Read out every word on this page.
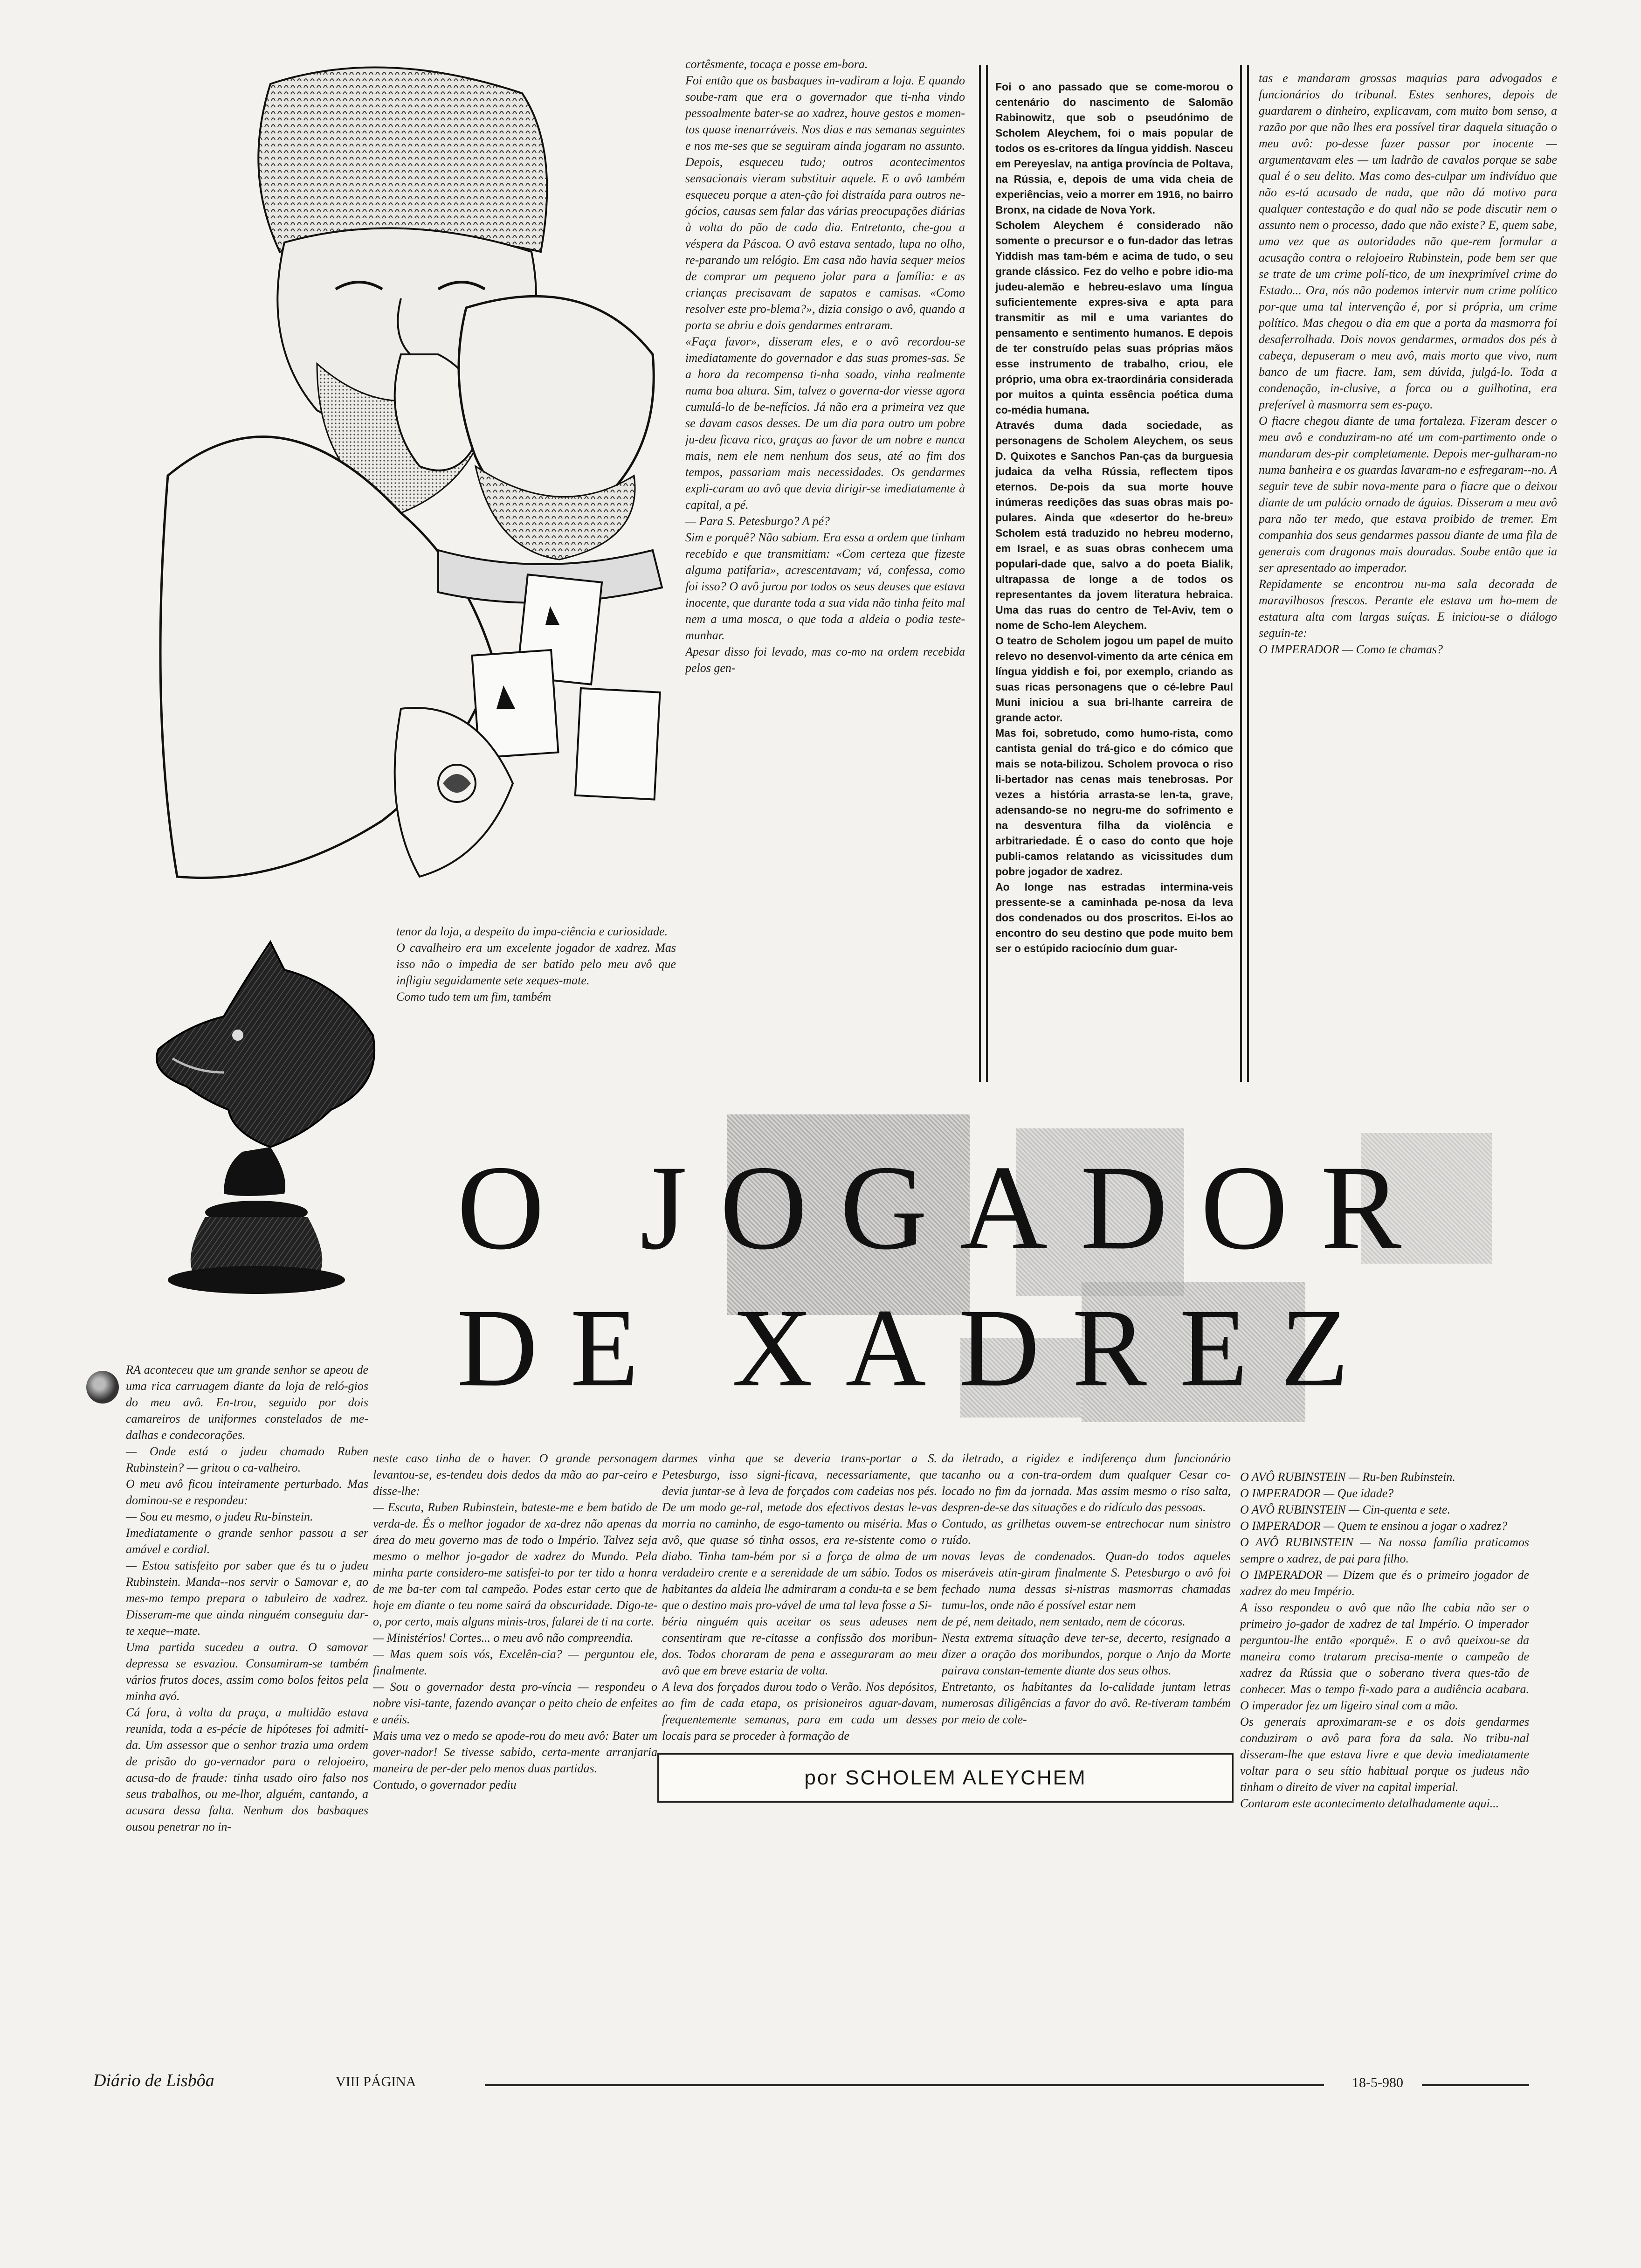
cortêsmente, tocaça e posse em-bora.
Foi então que os basbaques in-vadiram a loja. E quando soube-ram que era o governador que ti-nha vindo pessoalmente bater-se ao xadrez, houve gestos e momen-tos quase inenarráveis. Nos dias e nas semanas seguintes e nos me-ses que se seguiram ainda jogaram no assunto. Depois, esqueceu tudo; outros acontecimentos sensacionais vieram substituir aquele. E o avô também esqueceu porque a aten-ção foi distraída para outros ne-gócios, causas sem falar das várias preocupações diárias à volta do pão de cada dia. Entretanto, che-gou a véspera da Páscoa. O avô estava sentado, lupa no olho, re-parando um relógio. Em casa não havia sequer meios de comprar um pequeno jolar para a família: e as crianças precisavam de sapatos e camisas. «Como resolver este pro-blema?», dizia consigo o avô, quando a porta se abriu e dois gendarmes entraram.
«Faça favor», disseram eles, e o avô recordou-se imediatamente do governador e das suas promes-sas. Se a hora da recompensa ti-nha soado, vinha realmente numa boa altura. Sim, talvez o governa-dor viesse agora cumulá-lo de be-nefícios. Já não era a primeira vez que se davam casos desses. De um dia para outro um pobre ju-deu ficava rico, graças ao favor de um nobre e nunca mais, nem ele nem nenhum dos seus, até ao fim dos tempos, passariam mais necessidades. Os gendarmes expli-caram ao avô que devia dirigir-se imediatamente à capital, a pé.
— Para S. Petesburgo? A pé?
Sim e porquê? Não sabiam. Era essa a ordem que tinham recebido e que transmitiam: «Com certeza que fizeste alguma patifaria», acrescentavam; vá, confessa, como foi isso? O avô jurou por todos os seus deuses que estava inocente, que durante toda a sua vida não tinha feito mal nem a uma mosca, o que toda a aldeia o podia teste-munhar.
Apesar disso foi levado, mas co-mo na ordem recebida pelos gen-
tenor da loja, a despeito da impa-ciência e curiosidade.
O cavalheiro era um excelente jogador de xadrez. Mas isso não o impedia de ser batido pelo meu avô que infligiu seguidamente sete xeques-mate.
Como tudo tem um fim, também
Foi o ano passado que se come-morou o centenário do nascimento de Salomão Rabinowitz, que sob o pseudónimo de Scholem Aleychem, foi o mais popular de todos os es-critores da língua yiddish. Nasceu em Pereyeslav, na antiga província de Poltava, na Rússia, e, depois de uma vida cheia de experiências, veio a morrer em 1916, no bairro Bronx, na cidade de Nova York.
Scholem Aleychem é considerado não somente o precursor e o fun-dador das letras Yiddish mas tam-bém e acima de tudo, o seu grande clássico. Fez do velho e pobre idio-ma judeu-alemão e hebreu-eslavo uma língua suficientemente expres-siva e apta para transmitir as mil e uma variantes do pensamento e sentimento humanos. E depois de ter construído pelas suas próprias mãos esse instrumento de trabalho, criou, ele próprio, uma obra ex-traordinária considerada por muitos a quinta essência poética duma co-média humana.
Através duma dada sociedade, as personagens de Scholem Aleychem, os seus D. Quixotes e Sanchos Pan-ças da burguesia judaica da velha Rússia, reflectem tipos eternos. De-pois da sua morte houve inúmeras reedições das suas obras mais po-pulares. Ainda que «desertor do he-breu» Scholem está traduzido no hebreu moderno, em Israel, e as suas obras conhecem uma populari-dade que, salvo a do poeta Bialik, ultrapassa de longe a de todos os representantes da jovem literatura hebraica. Uma das ruas do centro de Tel-Aviv, tem o nome de Scho-lem Aleychem.
O teatro de Scholem jogou um papel de muito relevo no desenvol-vimento da arte cénica em língua yiddish e foi, por exemplo, criando as suas ricas personagens que o cé-lebre Paul Muni iniciou a sua bri-lhante carreira de grande actor.
Mas foi, sobretudo, como humo-rista, como cantista genial do trá-gico e do cómico que mais se nota-bilizou. Scholem provoca o riso li-bertador nas cenas mais tenebrosas. Por vezes a história arrasta-se len-ta, grave, adensando-se no negru-me do sofrimento e na desventura filha da violência e arbitrariedade. É o caso do conto que hoje publi-camos relatando as vicissitudes dum pobre jogador de xadrez.
Ao longe nas estradas intermina-veis pressente-se a caminhada pe-nosa da leva dos condenados ou dos proscritos. Ei-los ao encontro do seu destino que pode muito bem ser o estúpido raciocínio dum guar-
tas e mandaram grossas maquias para advogados e funcionários do tribunal. Estes senhores, depois de guardarem o dinheiro, explicavam, com muito bom senso, a razão por que não lhes era possível tirar daquela situação o meu avô: po-desse fazer passar por inocente — argumentavam eles — um ladrão de cavalos porque se sabe qual é o seu delito. Mas como des-culpar um indivíduo que não es-tá acusado de nada, que não dá motivo para qualquer contestação e do qual não se pode discutir nem o assunto nem o processo, dado que não existe? E, quem sabe, uma vez que as autoridades não que-rem formular a acusação contra o relojoeiro Rubinstein, pode bem ser que se trate de um crime polí-tico, de um inexprimível crime do Estado... Ora, nós não podemos intervir num crime político por-que uma tal intervenção é, por si própria, um crime político. Mas chegou o dia em que a porta da masmorra foi desaferrolhada. Dois novos gendarmes, armados dos pés à cabeça, depuseram o meu avô, mais morto que vivo, num banco de um fiacre. Iam, sem dúvida, julgá-lo. Toda a condenação, in-clusive, a forca ou a guilhotina, era preferível à masmorra sem es-paço.
O fiacre chegou diante de uma fortaleza. Fizeram descer o meu avô e conduziram-no até um com-partimento onde o mandaram des-pir completamente. Depois mer-gulharam-no numa banheira e os guardas lavaram-no e esfregaram--no. A seguir teve de subir nova-mente para o fiacre que o deixou diante de um palácio ornado de águias. Disseram a meu avô para não ter medo, que estava proibido de tremer. Em companhia dos seus gendarmes passou diante de uma fila de generais com dragonas mais douradas. Soube então que ia ser apresentado ao imperador.
Repidamente se encontrou nu-ma sala decorada de maravilhosos frescos. Perante ele estava um ho-mem de estatura alta com largas suíças. E iniciou-se o diálogo seguin-te:
O IMPERADOR — Como te chamas?
O JOGADOR
DE XADREZ
RA aconteceu que um grande senhor se apeou de uma rica carruagem diante da loja de reló-gios do meu avô. En-trou, seguido por dois camareiros de uniformes constelados de me-dalhas e condecorações.
— Onde está o judeu chamado Ruben Rubinstein? — gritou o ca-valheiro.
O meu avô ficou inteiramente perturbado. Mas dominou-se e respondeu:
— Sou eu mesmo, o judeu Ru-binstein.
Imediatamente o grande senhor passou a ser amável e cordial.
— Estou satisfeito por saber que és tu o judeu Rubinstein. Manda--nos servir o Samovar e, ao mes-mo tempo prepara o tabuleiro de xadrez. Disseram-me que ainda ninguém conseguiu dar-te xeque--mate.
Uma partida sucedeu a outra. O samovar depressa se esvaziou. Consumiram-se também vários frutos doces, assim como bolos feitos pela minha avó.
Cá fora, à volta da praça, a multidão estava reunida, toda a es-pécie de hipóteses foi admiti-da. Um assessor que o senhor trazia uma ordem de prisão do go-vernador para o relojoeiro, acusa-do de fraude: tinha usado oiro falso nos seus trabalhos, ou me-lhor, alguém, cantando, a acusara dessa falta. Nenhum dos basbaques ousou penetrar no in-
neste caso tinha de o haver. O grande personagem levantou-se, es-tendeu dois dedos da mão ao par-ceiro e disse-lhe:
— Escuta, Ruben Rubinstein, bateste-me e bem batido de verda-de. És o melhor jogador de xa-drez não apenas da área do meu governo mas de todo o Império. Talvez seja mesmo o melhor jo-gador de xadrez do Mundo. Pela minha parte considero-me satisfei-to por ter tido a honra de me ba-ter com tal campeão. Podes estar certo que de hoje em diante o teu nome sairá da obscuridade. Digo-te-o, por certo, mais alguns minis-tros, falarei de ti na corte.
— Ministérios! Cortes... o meu avô não compreendia.
— Mas quem sois vós, Excelên-cia? — perguntou ele, finalmente.
— Sou o governador desta pro-víncia — respondeu o nobre visi-tante, fazendo avançar o peito cheio de enfeites e anéis.
Mais uma vez o medo se apode-rou do meu avô: Bater um gover-nador! Se tivesse sabido, certa-mente arranjaria maneira de per-der pelo menos duas partidas.
Contudo, o governador pediu
darmes vinha que se deveria trans-portar a S. Petesburgo, isso signi-ficava, necessariamente, que devia juntar-se à leva de forçados com cadeias nos pés. De um modo ge-ral, metade dos efectivos destas le-vas morria no caminho, de esgo-tamento ou miséria. Mas o avô, que quase só tinha ossos, era re-sistente como o diabo. Tinha tam-bém por si a força de alma de um verdadeiro crente e a serenidade de um sábio. Todos os habitantes da aldeia lhe admiraram a condu-ta e se bem que o destino mais pro-vável de uma tal leva fosse a Si-
béria ninguém quis aceitar os seus adeuses nem consentiram que re-citasse a confissão dos moribun-dos. Todos choraram de pena e asseguraram ao meu avô que em breve estaria de volta.
A leva dos forçados durou todo o Verão. Nos depósitos, ao fim de cada etapa, os prisioneiros aguar-davam, frequentemente semanas, para em cada um desses locais para se proceder à formação de
da iletrado, a rigidez e indiferença dum funcionário tacanho ou a con-tra-ordem dum qualquer Cesar co-locado no fim da jornada. Mas assim mesmo o riso salta, despren-de-se das situações e do ridículo das pessoas.
Contudo, as grilhetas ouvem-se entrechocar num sinistro ruído.
novas levas de condenados. Quan-do todos aqueles miseráveis atin-giram finalmente S. Petesburgo o avô foi fechado numa dessas si-nistras masmorras chamadas tumu-los, onde não é possível estar nem
de pé, nem deitado, nem sentado, nem de cócoras.
Nesta extrema situação deve ter-se, decerto, resignado a dizer a oração dos moribundos, porque o Anjo da Morte pairava constan-temente diante dos seus olhos.
Entretanto, os habitantes da lo-calidade juntam letras numerosas diligências a favor do avô. Re-tiveram também por meio de cole-
por SCHOLEM ALEYCHEM
O AVÔ RUBINSTEIN — Ru-ben Rubinstein.
O IMPERADOR — Que idade?
O AVÔ RUBINSTEIN — Cin-quenta e sete.
O IMPERADOR — Quem te ensinou a jogar o xadrez?
O AVÔ RUBINSTEIN — Na nossa família praticamos sempre o xadrez, de pai para filho.
O IMPERADOR — Dizem que és o primeiro jogador de xadrez do meu Império.
A isso respondeu o avô que não lhe cabia não ser o primeiro jo-gador de xadrez de tal Império. O imperador perguntou-lhe então «porquê». E o avô queixou-se da maneira como trataram precisa-mente o campeão de xadrez da Rússia que o soberano tivera ques-tão de conhecer. Mas o tempo fi-xado para a audiência acabara. O imperador fez um ligeiro sinal com a mão.
Os generais aproximaram-se e os dois gendarmes conduziram o avô para fora da sala. No tribu-nal disseram-lhe que estava livre e que devia imediatamente voltar para o seu sítio habitual porque os judeus não tinham o direito de viver na capital imperial.
Contaram este acontecimento detalhadamente aqui...
Diário de Lisbôa	VIII PÁGINA	18-5-980
